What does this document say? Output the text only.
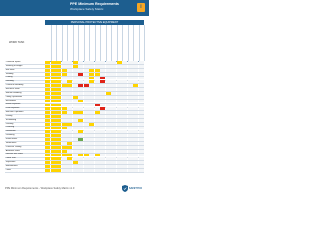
PPE Minimum Requirements
Workplace Safety Matrix	i
PERSONAL PROTECTIVE EQUIPMENT
WORK TASK
Confined Space
Working at Height
Hot Work
Welding
Cutting
Grinding
Chemical Handling
Electrical Work
Manual Handling
Lifting Operations
Excavation
Noise Exposure
Dust Exposure
Machine Operation
Driving
Scaffolding
Painting
Cleaning
Demolition
Plumbing
Road Works
Warehouse
Pressure Testing
Asbestos Work
General Site Work
Office Visit
Inspection
Maintenance
Other
PPE Minimum Requirements - Workplace Safety Matrix v1.0	SAFETYCO
